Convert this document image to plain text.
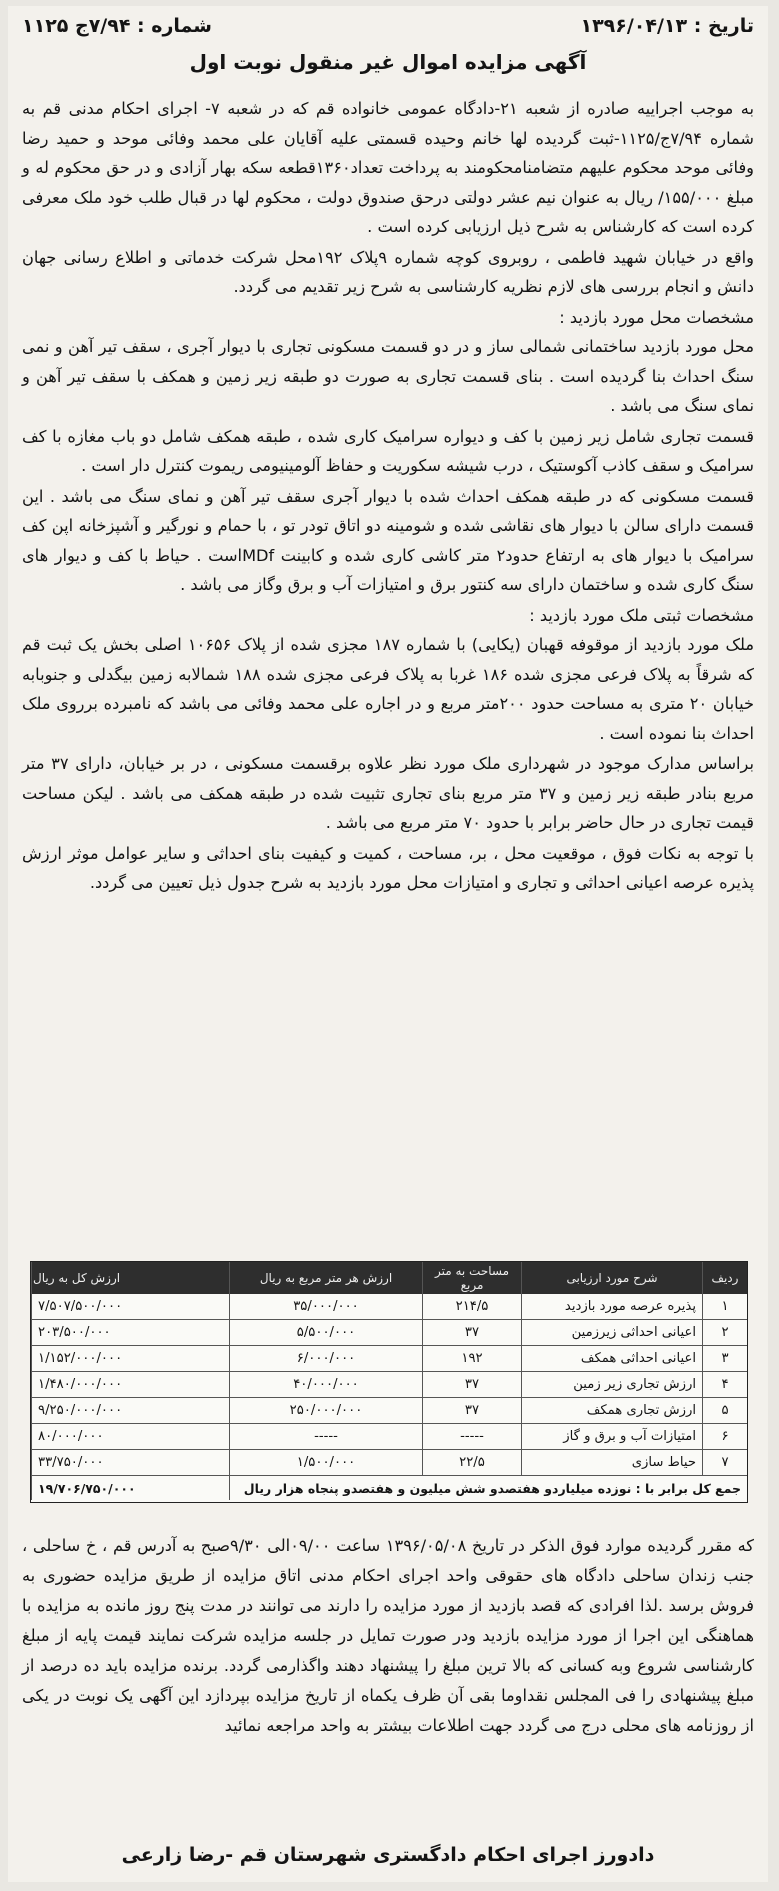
تاریخ : ۱۳۹۶/۰۴/۱۳
شماره : ۷/۹۴ج ۱۱۲۵
آگهی مزایده اموال غیر منقول نوبت اول

به موجب اجراییه صادره از شعبه ۲۱-دادگاه عمومی خانواده قم که در شعبه ۷- اجرای احکام مدنی قم به شماره ۷/۹۴ج/۱۱۲۵-ثبت گردیده لها خانم وحیده قسمتی علیه آقایان علی محمد وفائی موحد و حمید رضا وفائی موحد محکوم علیهم متضامنامحکومند به پرداخت تعداد۱۳۶۰قطعه سکه بهار آزادی و در حق محکوم له و مبلغ ۱۵۵/۰۰۰/ ریال به عنوان نیم عشر دولتی درحق صندوق دولت ، محکوم لها در قبال طلب خود ملک معرفی کرده است که کارشناس به شرح ذیل ارزیابی کرده است .

واقع در خیابان شهید فاطمی ، روبروی کوچه شماره ۹پلاک ۱۹۲محل شرکت خدماتی و اطلاع رسانی جهان دانش و انجام بررسی های لازم نظریه کارشناسی به شرح زیر تقدیم می گردد.

مشخصات محل مورد بازدید :

محل مورد بازدید ساختمانی شمالی ساز و در دو قسمت مسکونی تجاری با دیوار آجری ، سقف تیر آهن و نمی سنگ احداث بنا گردیده است . بنای قسمت تجاری به صورت دو طبقه زیر زمین و همکف با سقف تیر آهن و نمای سنگ می باشد .

قسمت تجاری شامل زیر زمین با کف و دیواره سرامیک کاری شده ، طبقه همکف شامل دو باب مغازه با کف سرامیک و سقف کاذب آکوستیک ، درب شیشه سکوریت و حفاظ آلومینیومی ریموت کنترل دار است .

قسمت مسکونی که در طبقه همکف احداث شده با دیوار آجری سقف تیر آهن و نمای سنگ می باشد . این قسمت دارای سالن با دیوار های نقاشی شده و شومینه دو اتاق تودر تو ، با حمام و نورگیر و آشپزخانه اپن کف سرامیک با دیوار های به ارتفاع حدود۲ متر کاشی کاری شده و کابینت MDfاست . حیاط با کف و دیوار های سنگ کاری شده و ساختمان دارای سه کنتور برق و امتیازات آب و برق وگاز می باشد .

مشخصات ثبتی ملک مورد بازدید :

ملک مورد بازدید از موقوفه قهبان (یکایی) با شماره ۱۸۷ مجزی شده از پلاک ۱۰۶۵۶ اصلی بخش یک ثبت قم که شرقاً به پلاک فرعی مجزی شده ۱۸۶ غربا به پلاک فرعی مجزی شده ۱۸۸ شمالابه زمین بیگدلی و جنوبابه خیابان ۲۰ متری به مساحت حدود ۲۰۰متر مربع و در اجاره علی محمد وفائی می باشد که نامبرده برروی ملک احداث بنا نموده است .

براساس مدارک موجود در شهرداری ملک مورد نظر علاوه برقسمت مسکونی ، در بر خیابان، دارای ۳۷ متر مربع بنادر طبقه زیر زمین و ۳۷ متر مربع بنای تجاری تثبیت شده در طبقه همکف می باشد . لیکن مساحت قیمت تجاری در حال حاضر برابر با حدود ۷۰ متر مربع می باشد .

با توجه به نکات فوق ، موقعیت محل ، بر، مساحت ، کمیت و کیفیت بنای احداثی و سایر عوامل موثر ارزش پذیره عرصه اعیانی احداثی و تجاری و امتیازات محل مورد بازدید به شرح جدول ذیل تعیین می گردد.

ردیف	شرح مورد ارزیابی	مساحت به متر مربع	ارزش هر متر مربع به ریال	ارزش کل به ریال
۱	پذیره عرصه مورد بازدید	۲۱۴/۵	۳۵/۰۰۰/۰۰۰	۷/۵۰۷/۵۰۰/۰۰۰
۲	اعیانی احداثی زیرزمین	۳۷	۵/۵۰۰/۰۰۰	۲۰۳/۵۰۰/۰۰۰
۳	اعیانی احداثی همکف	۱۹۲	۶/۰۰۰/۰۰۰	۱/۱۵۲/۰۰۰/۰۰۰
۴	ارزش تجاری زیر زمین	۳۷	۴۰/۰۰۰/۰۰۰	۱/۴۸۰/۰۰۰/۰۰۰
۵	ارزش تجاری همکف	۳۷	۲۵۰/۰۰۰/۰۰۰	۹/۲۵۰/۰۰۰/۰۰۰
۶	امتیازات آب و برق و گاز	-----	-----	۸۰/۰۰۰/۰۰۰
۷	حیاط سازی	۲۲/۵	۱/۵۰۰/۰۰۰	۳۳/۷۵۰/۰۰۰
جمع کل برابر با : نوزده میلیاردو هفتصدو شش میلیون و هفتصدو پنجاه هزار ریال				۱۹/۷۰۶/۷۵۰/۰۰۰
که مقرر گردیده موارد فوق الذکر در تاریخ ۱۳۹۶/۰۵/۰۸ ساعت ۰۹/۰۰الی ۹/۳۰صبح به آدرس قم ، خ ساحلی ، جنب زندان ساحلی دادگاه های حقوقی واحد اجرای احکام مدنی اتاق مزایده از طریق مزایده حضوری به فروش برسد .لذا افرادی که قصد بازدید از مورد مزایده را دارند می توانند در مدت پنج روز مانده به مزایده با هماهنگی این اجرا از مورد مزایده بازدید ودر صورت تمایل در جلسه مزایده شرکت نمایند قیمت پایه از مبلغ کارشناسی شروع وبه کسانی که بالا ترین مبلغ را پیشنهاد دهند واگذارمی گردد. برنده مزایده باید ده درصد از مبلغ پیشنهادی را فی المجلس نقداوما بقی آن ظرف یکماه از تاریخ مزایده بپردازد این آگهی یک نوبت در یکی از روزنامه های محلی درج می گردد جهت اطلاعات بیشتر به واحد مراجعه نمائید
دادورز اجرای احکام دادگستری شهرستان قم -رضا زارعی
